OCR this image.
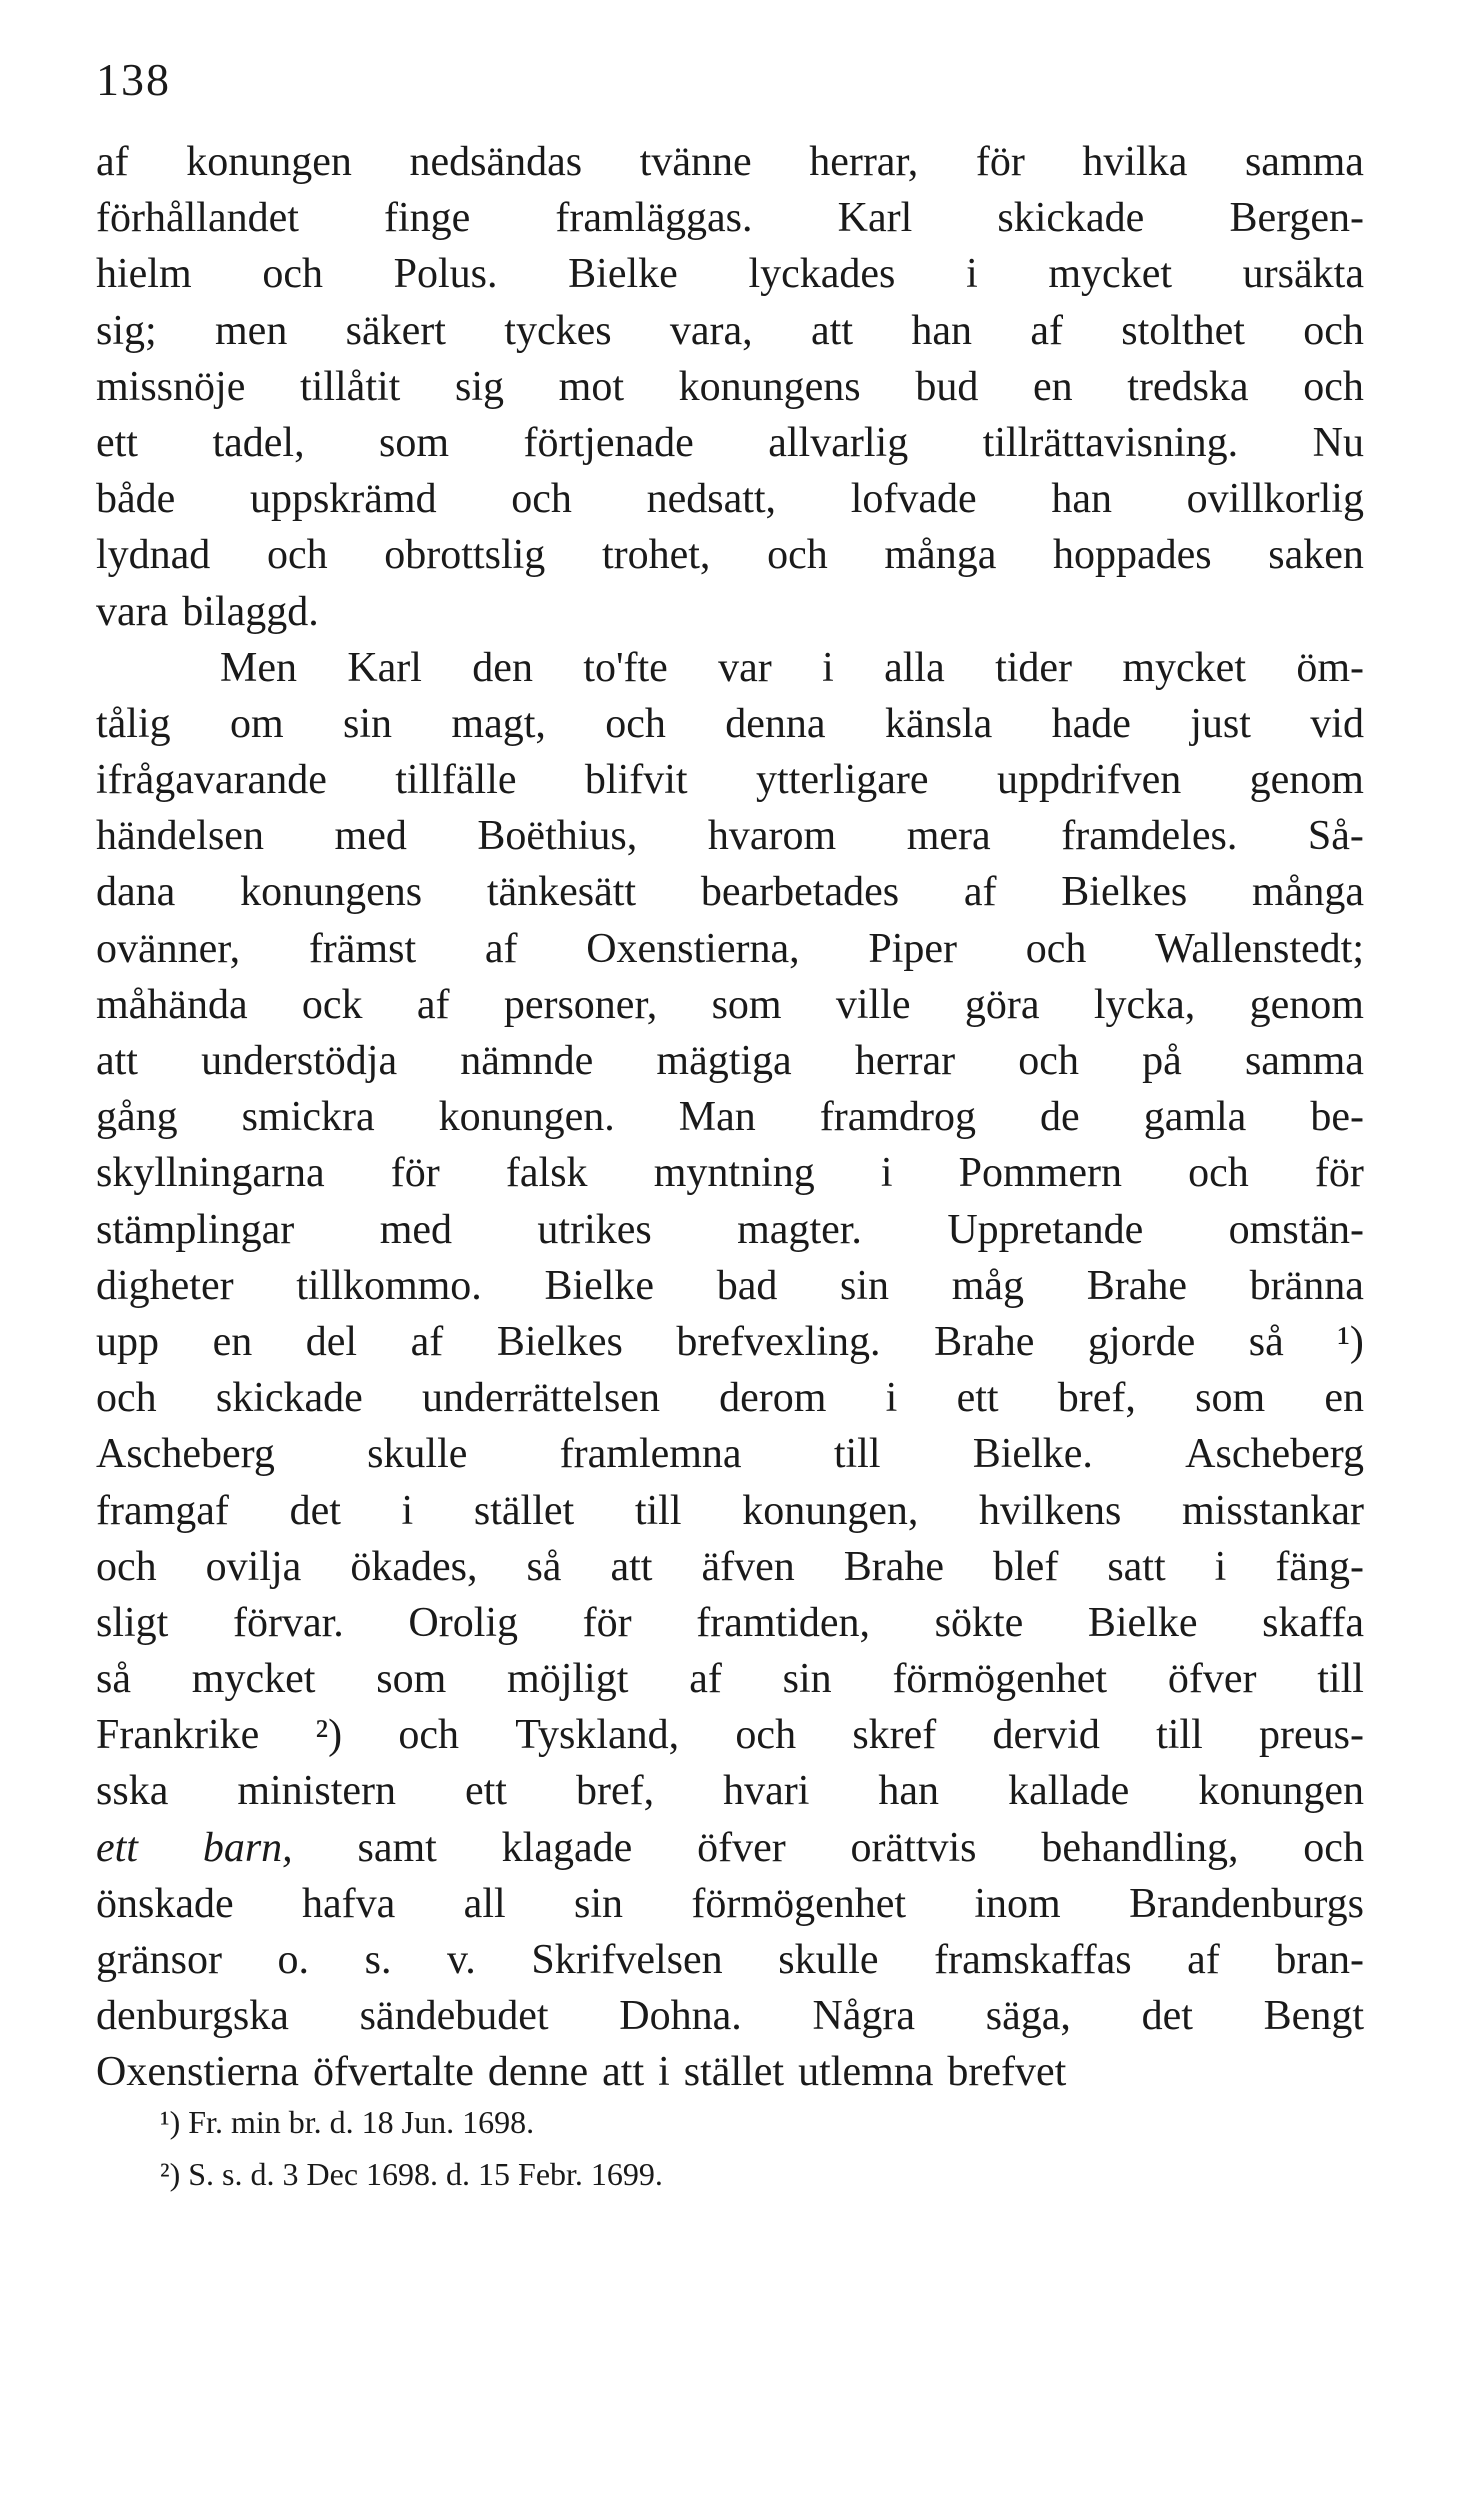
138
af konungen nedsändas tvänne herrar, för hvilka samma
förhållandet finge framläggas. Karl skickade Bergen-
hielm och Polus. Bielke lyckades i mycket ursäkta
sig; men säkert tyckes vara, att han af stolthet och
missnöje tillåtit sig mot konungens bud en tredska och
ett tadel, som förtjenade allvarlig tillrättavisning. Nu
både uppskrämd och nedsatt, lofvade han ovillkorlig
lydnad och obrottslig trohet, och många hoppades saken
vara bilaggd.
Men Karl den to'fte var i alla tider mycket öm-
tålig om sin magt, och denna känsla hade just vid
ifrågavarande tillfälle blifvit ytterligare uppdrifven genom
händelsen med Boëthius, hvarom mera framdeles. Så-
dana konungens tänkesätt bearbetades af Bielkes många
ovänner, främst af Oxenstierna, Piper och Wallenstedt;
måhända ock af personer, som ville göra lycka, genom
att understödja nämnde mägtiga herrar och på samma
gång smickra konungen. Man framdrog de gamla be-
skyllningarna för falsk myntning i Pommern och för
stämplingar med utrikes magter. Uppretande omstän-
digheter tillkommo. Bielke bad sin måg Brahe bränna
upp en del af Bielkes brefvexling. Brahe gjorde så ¹)
och skickade underrättelsen derom i ett bref, som en
Ascheberg skulle framlemna till Bielke. Ascheberg
framgaf det i stället till konungen, hvilkens misstankar
och ovilja ökades, så att äfven Brahe blef satt i fäng-
sligt förvar. Orolig för framtiden, sökte Bielke skaffa
så mycket som möjligt af sin förmögenhet öfver till
Frankrike ²) och Tyskland, och skref dervid till preus-
sska ministern ett bref, hvari han kallade konungen
ett barn, samt klagade öfver orättvis behandling, och
önskade hafva all sin förmögenhet inom Brandenburgs
gränsor o. s. v. Skrifvelsen skulle framskaffas af bran-
denburgska sändebudet Dohna. Några säga, det Bengt
Oxenstierna öfvertalte denne att i stället utlemna brefvet
¹) Fr. min br. d. 18 Jun. 1698.
²) S. s. d. 3 Dec 1698. d. 15 Febr. 1699.
